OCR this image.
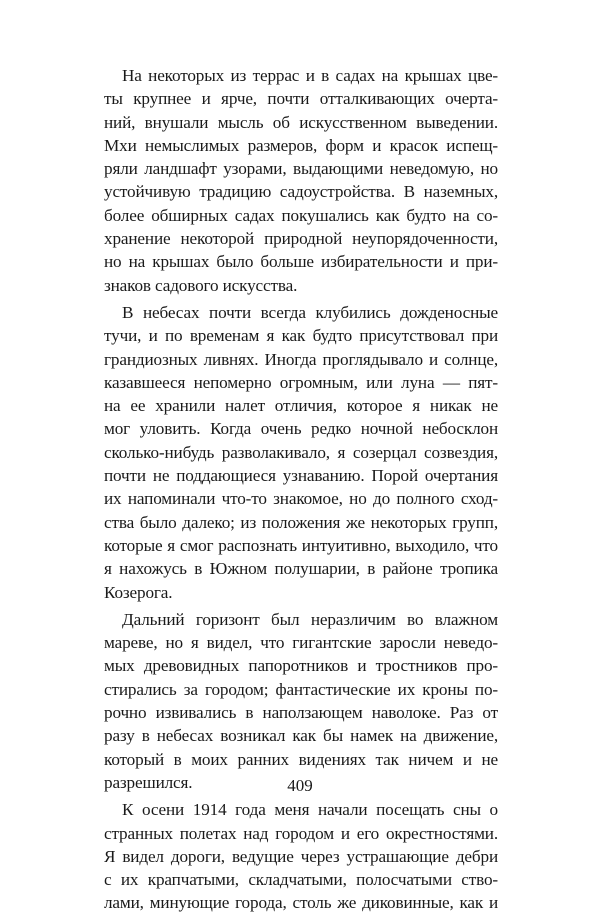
На некоторых из террас и в садах на крышах цве-
ты крупнее и ярче, почти отталкивающих очерта-
ний, внушали мысль об искусственном выведении.
Мхи немыслимых размеров, форм и красок испещ-
ряли ландшафт узорами, выдающими неведомую, но
устойчивую традицию садоустройства. В наземных,
более обширных садах покушались как будто на со-
хранение некоторой природной неупорядоченности,
но на крышах было больше избирательности и при-
знаков садового искусства.

В небесах почти всегда клубились дожденосные
тучи, и по временам я как будто присутствовал при
грандиозных ливнях. Иногда проглядывало и солнце,
казавшееся непомерно огромным, или луна — пят-
на ее хранили налет отличия, которое я никак не
мог уловить. Когда очень редко ночной небосклон
сколько-нибудь разволакивало, я созерцал созвездия,
почти не поддающиеся узнаванию. Порой очертания
их напоминали что-то знакомое, но до полного сход-
ства было далеко; из положения же некоторых групп,
которые я смог распознать интуитивно, выходило, что
я нахожусь в Южном полушарии, в районе тропика
Козерога.

Дальний горизонт был неразличим во влажном
мареве, но я видел, что гигантские заросли неведо-
мых древовидных папоротников и тростников про-
стирались за городом; фантастические их кроны по-
рочно извивались в наползающем наволоке. Раз от
разу в небесах возникал как бы намек на движение,
который в моих ранних видениях так ничем и не
разрешился.

К осени 1914 года меня начали посещать сны о
странных полетах над городом и его окрестностями.
Я видел дороги, ведущие через устрашающие дебри
с их крапчатыми, складчатыми, полосчатыми ство-
лами, минующие города, столь же диковинные, как и

409
